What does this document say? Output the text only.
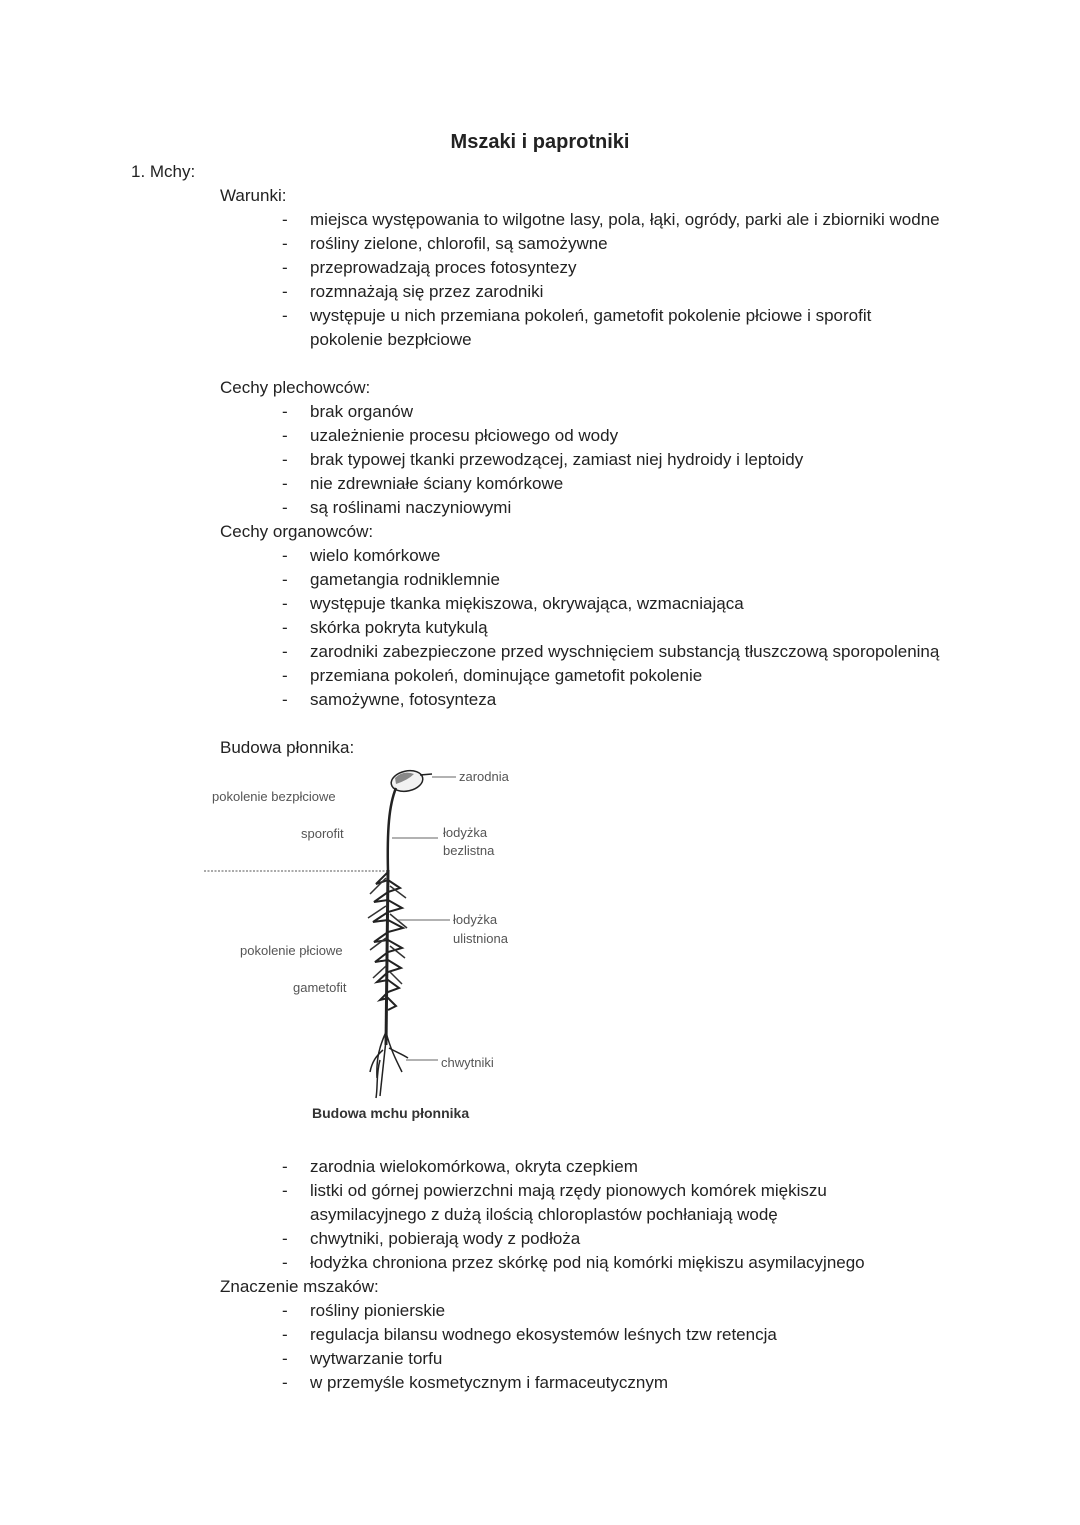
Mszaki i paprotniki
1. Mchy:
Warunki:
- miejsca występowania to wilgotne lasy, pola, łąki, ogródy, parki ale i zbiorniki wodne
- rośliny zielone, chlorofil, są samożywne
- przeprowadzają proces fotosyntezy
- rozmnażają się przez zarodniki
- występuje u nich przemiana pokoleń, gametofit pokolenie płciowe i sporofit pokolenie bezpłciowe
Cechy plechowców:
- brak organów
- uzależnienie procesu płciowego od wody
- brak typowej tkanki przewodzącej, zamiast niej hydroidy i leptoidy
- nie zdrewniałe ściany komórkowe
- są roślinami naczyniowymi
Cechy organowców:
- wielo komórkowe
- gametangia rodniklemnie
- występuje tkanka miękiszowa, okrywająca, wzmacniająca
- skórka pokryta kutykulą
- zarodniki zabezpieczone przed wyschnięciem substancją tłuszczową sporopoleniną
- przemiana pokoleń, dominujące gametofit pokolenie
- samożywne, fotosynteza
Budowa płonnika:
zarodnia
pokolenie bezpłciowe
sporofit	łodyżka
bezlistna
łodyżka
ulistniona
pokolenie płciowe
gametofit
chwytniki
Budowa mchu płonnika
- zarodnia wielokomórkowa, okryta czepkiem
- listki od górnej powierzchni mają rzędy pionowych komórek miękiszu asymilacyjnego z dużą ilością chloroplastów pochłaniają wodę
- chwytniki, pobierają wody z podłoża
- łodyżka chroniona przez skórkę pod nią komórki miękiszu asymilacyjnego
Znaczenie mszaków:
- rośliny pionierskie
- regulacja bilansu wodnego ekosystemów leśnych tzw retencja
- wytwarzanie torfu
- w przemyśle kosmetycznym i farmaceutycznym
